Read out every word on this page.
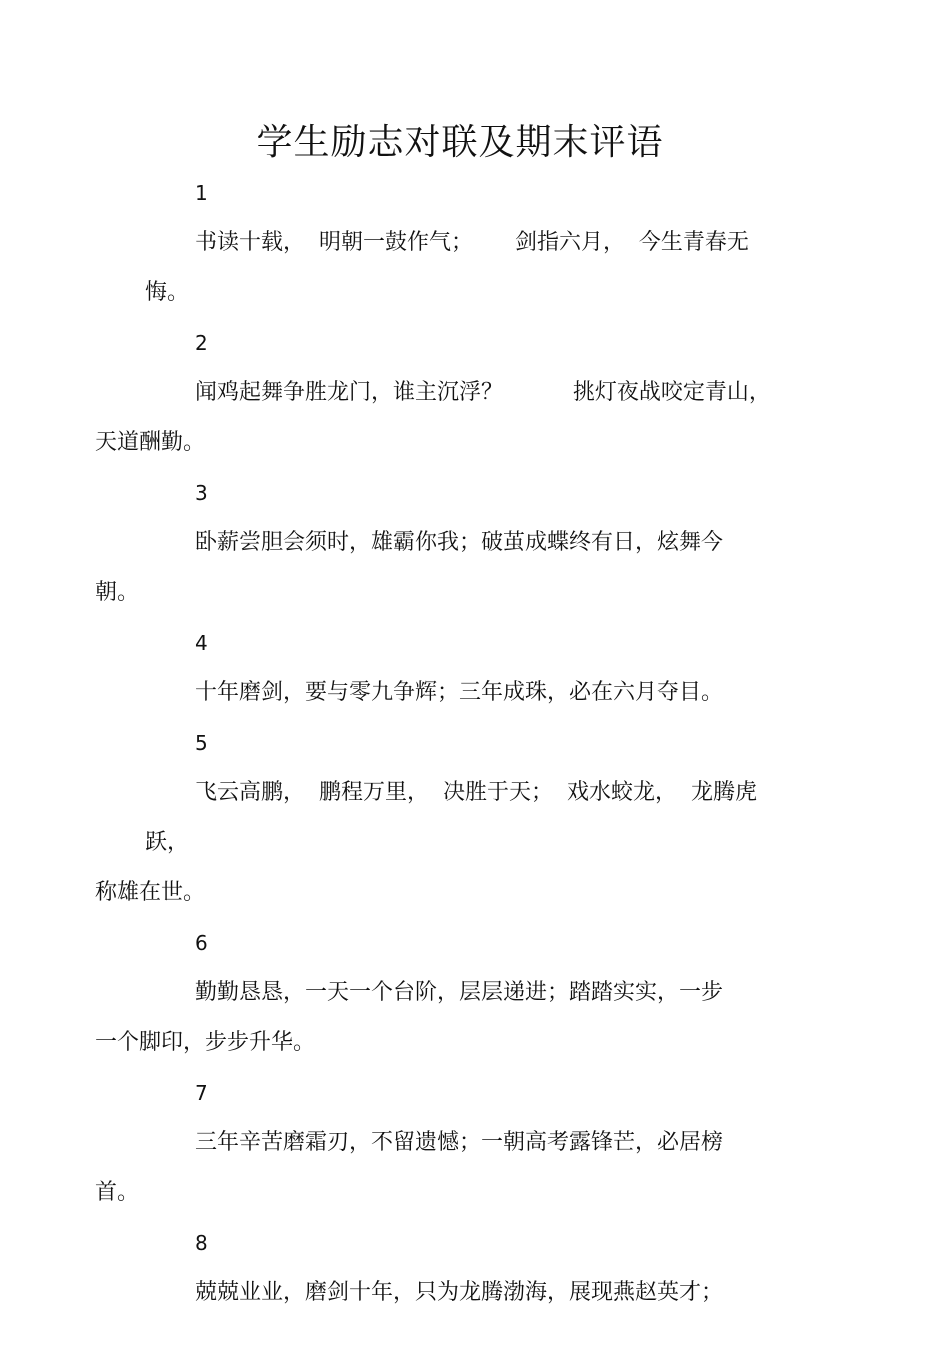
学生励志对联及期末评语

1

书读十载，  明朝一鼓作气；      剑指六月，  今生青春无悔。

2

闻鸡起舞争胜龙门，谁主沉浮？          挑灯夜战咬定青山，
天道酬勤。

3

卧薪尝胆会须时，雄霸你我；破茧成蝶终有日，炫舞今
朝。

4

十年磨剑，要与零九争辉；三年成珠，必在六月夺目。

5

飞云高鹏，  鹏程万里，  决胜于天；  戏水蛟龙，  龙腾虎跃，
称雄在世。

6

勤勤恳恳，一天一个台阶，层层递进；踏踏实实，一步
一个脚印，步步升华。

7

三年辛苦磨霜刃，不留遗憾；一朝高考露锋芒，必居榜
首。

8

兢兢业业，磨剑十年，只为龙腾渤海，展现燕赵英才；
